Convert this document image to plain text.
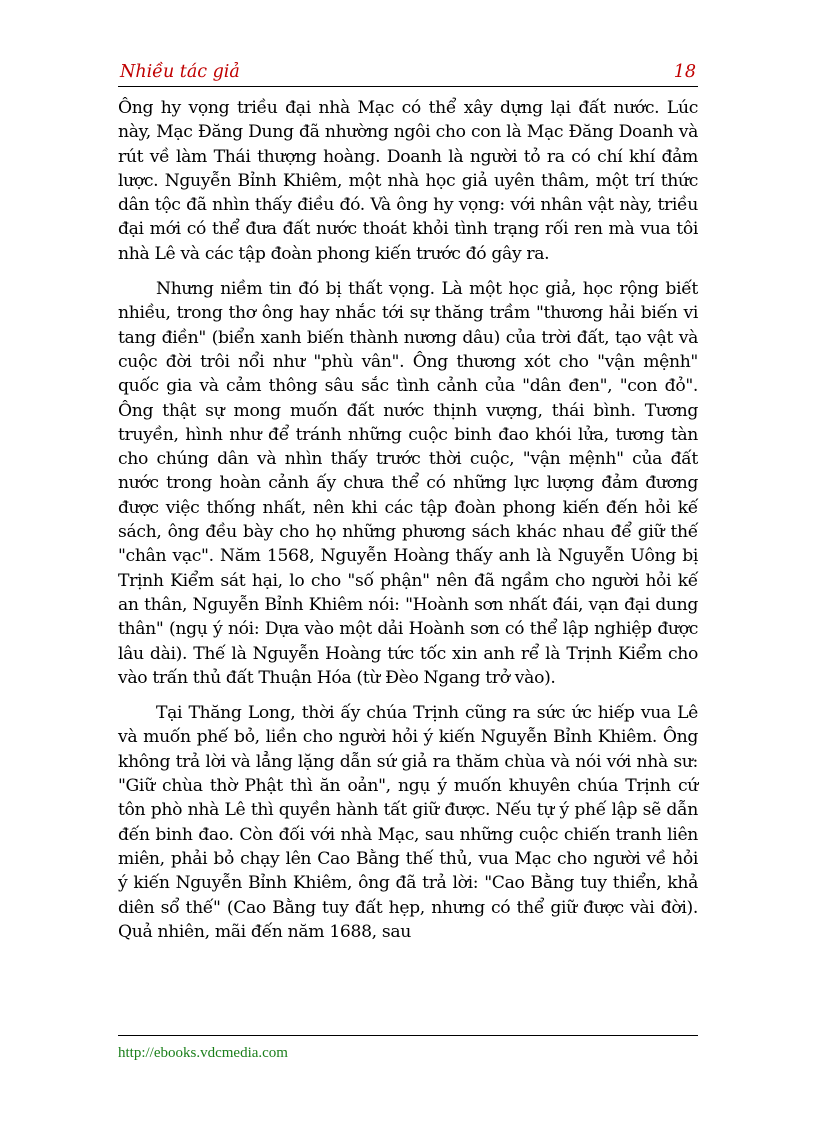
Nhiều tác giả	18

Ông hy vọng triều đại nhà Mạc có thể xây dựng lại đất nước. Lúc này, Mạc Đăng Dung đã nhường ngôi cho con là Mạc Đăng Doanh và rút về làm Thái thượng hoàng. Doanh là người tỏ ra có chí khí đảm lược. Nguyễn Bỉnh Khiêm, một nhà học giả uyên thâm, một trí thức dân tộc đã nhìn thấy điều đó. Và ông hy vọng: với nhân vật này, triều đại mới có thể đưa đất nước thoát khỏi tình trạng rối ren mà vua tôi nhà Lê và các tập đoàn phong kiến trước đó gây ra.

Nhưng niềm tin đó bị thất vọng. Là một học giả, học rộng biết nhiều, trong thơ ông hay nhắc tới sự thăng trầm "thương hải biến vi tang điền" (biển xanh biến thành nương dâu) của trời đất, tạo vật và cuộc đời trôi nổi như "phù vân". Ông thương xót cho "vận mệnh" quốc gia và cảm thông sâu sắc tình cảnh của "dân đen", "con đỏ". Ông thật sự mong muốn đất nước thịnh vượng, thái bình. Tương truyền, hình như để tránh những cuộc binh đao khói lửa, tương tàn cho chúng dân và nhìn thấy trước thời cuộc, "vận mệnh" của đất nước trong hoàn cảnh ấy chưa thể có những lực lượng đảm đương được việc thống nhất, nên khi các tập đoàn phong kiến đến hỏi kế sách, ông đều bày cho họ những phương sách khác nhau để giữ thế "chân vạc". Năm 1568, Nguyễn Hoàng thấy anh là Nguyễn Uông bị Trịnh Kiểm sát hại, lo cho "số phận" nên đã ngầm cho người hỏi kế an thân, Nguyễn Bỉnh Khiêm nói: "Hoành sơn nhất đái, vạn đại dung thân" (ngụ ý nói: Dựa vào một dải Hoành sơn có thể lập nghiệp được lâu dài). Thế là Nguyễn Hoàng tức tốc xin anh rể là Trịnh Kiểm cho vào trấn thủ đất Thuận Hóa (từ Đèo Ngang trở vào).

Tại Thăng Long, thời ấy chúa Trịnh cũng ra sức ức hiếp vua Lê và muốn phế bỏ, liền cho người hỏi ý kiến Nguyễn Bỉnh Khiêm. Ông không trả lời và lẳng lặng dẫn sứ giả ra thăm chùa và nói với nhà sư: "Giữ chùa thờ Phật thì ăn oản", ngụ ý muốn khuyên chúa Trịnh cứ tôn phò nhà Lê thì quyền hành tất giữ được. Nếu tự ý phế lập sẽ dẫn đến binh đao. Còn đối với nhà Mạc, sau những cuộc chiến tranh liên miên, phải bỏ chạy lên Cao Bằng thế thủ, vua Mạc cho người về hỏi ý kiến Nguyễn Bỉnh Khiêm, ông đã trả lời: "Cao Bằng tuy thiển, khả diên sổ thế" (Cao Bằng tuy đất hẹp, nhưng có thể giữ được vài đời). Quả nhiên, mãi đến năm 1688, sau

http://ebooks.vdcmedia.com
